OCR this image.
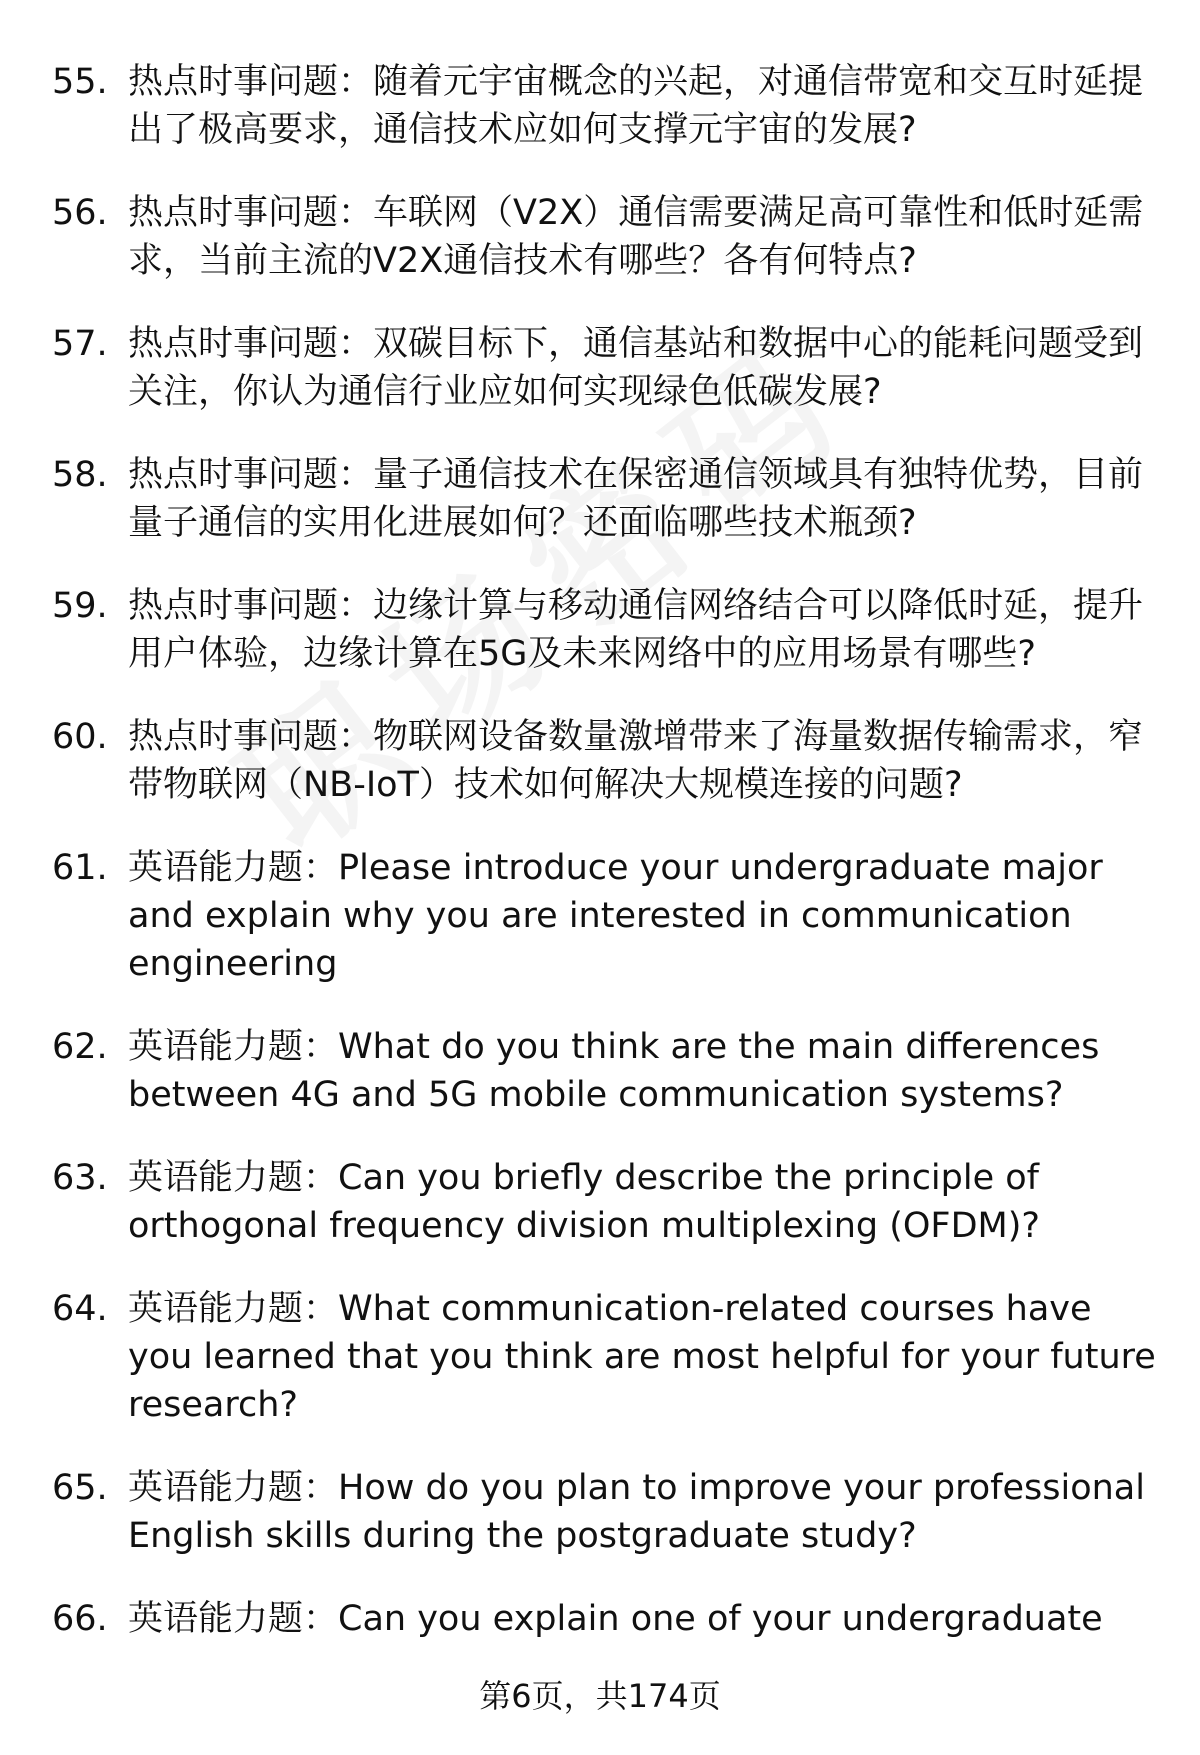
55. 热点时事问题：随着元宇宙概念的兴起，对通信带宽和交互时延提出了极高要求，通信技术应如何支撑元宇宙的发展?
56. 热点时事问题：车联网（V2X）通信需要满足高可靠性和低时延需求，当前主流的V2X通信技术有哪些？各有何特点?
57. 热点时事问题：双碳目标下，通信基站和数据中心的能耗问题受到关注，你认为通信行业应如何实现绿色低碳发展?
58. 热点时事问题：量子通信技术在保密通信领域具有独特优势，目前量子通信的实用化进展如何？还面临哪些技术瓶颈?
59. 热点时事问题：边缘计算与移动通信网络结合可以降低时延，提升用户体验，边缘计算在5G及未来网络中的应用场景有哪些?
60. 热点时事问题：物联网设备数量激增带来了海量数据传输需求，窄带物联网（NB-IoT）技术如何解决大规模连接的问题?
61. 英语能力题：Please introduce your undergraduate major and explain why you are interested in communication engineering
62. 英语能力题：What do you think are the main differences between 4G and 5G mobile communication systems?
63. 英语能力题：Can you briefly describe the principle of orthogonal frequency division multiplexing (OFDM)?
64. 英语能力题：What communication-related courses have you learned that you think are most helpful for your future research?
65. 英语能力题：How do you plan to improve your professional English skills during the postgraduate study?
66. 英语能力题：Can you explain one of your undergraduate
第6页，共174页
